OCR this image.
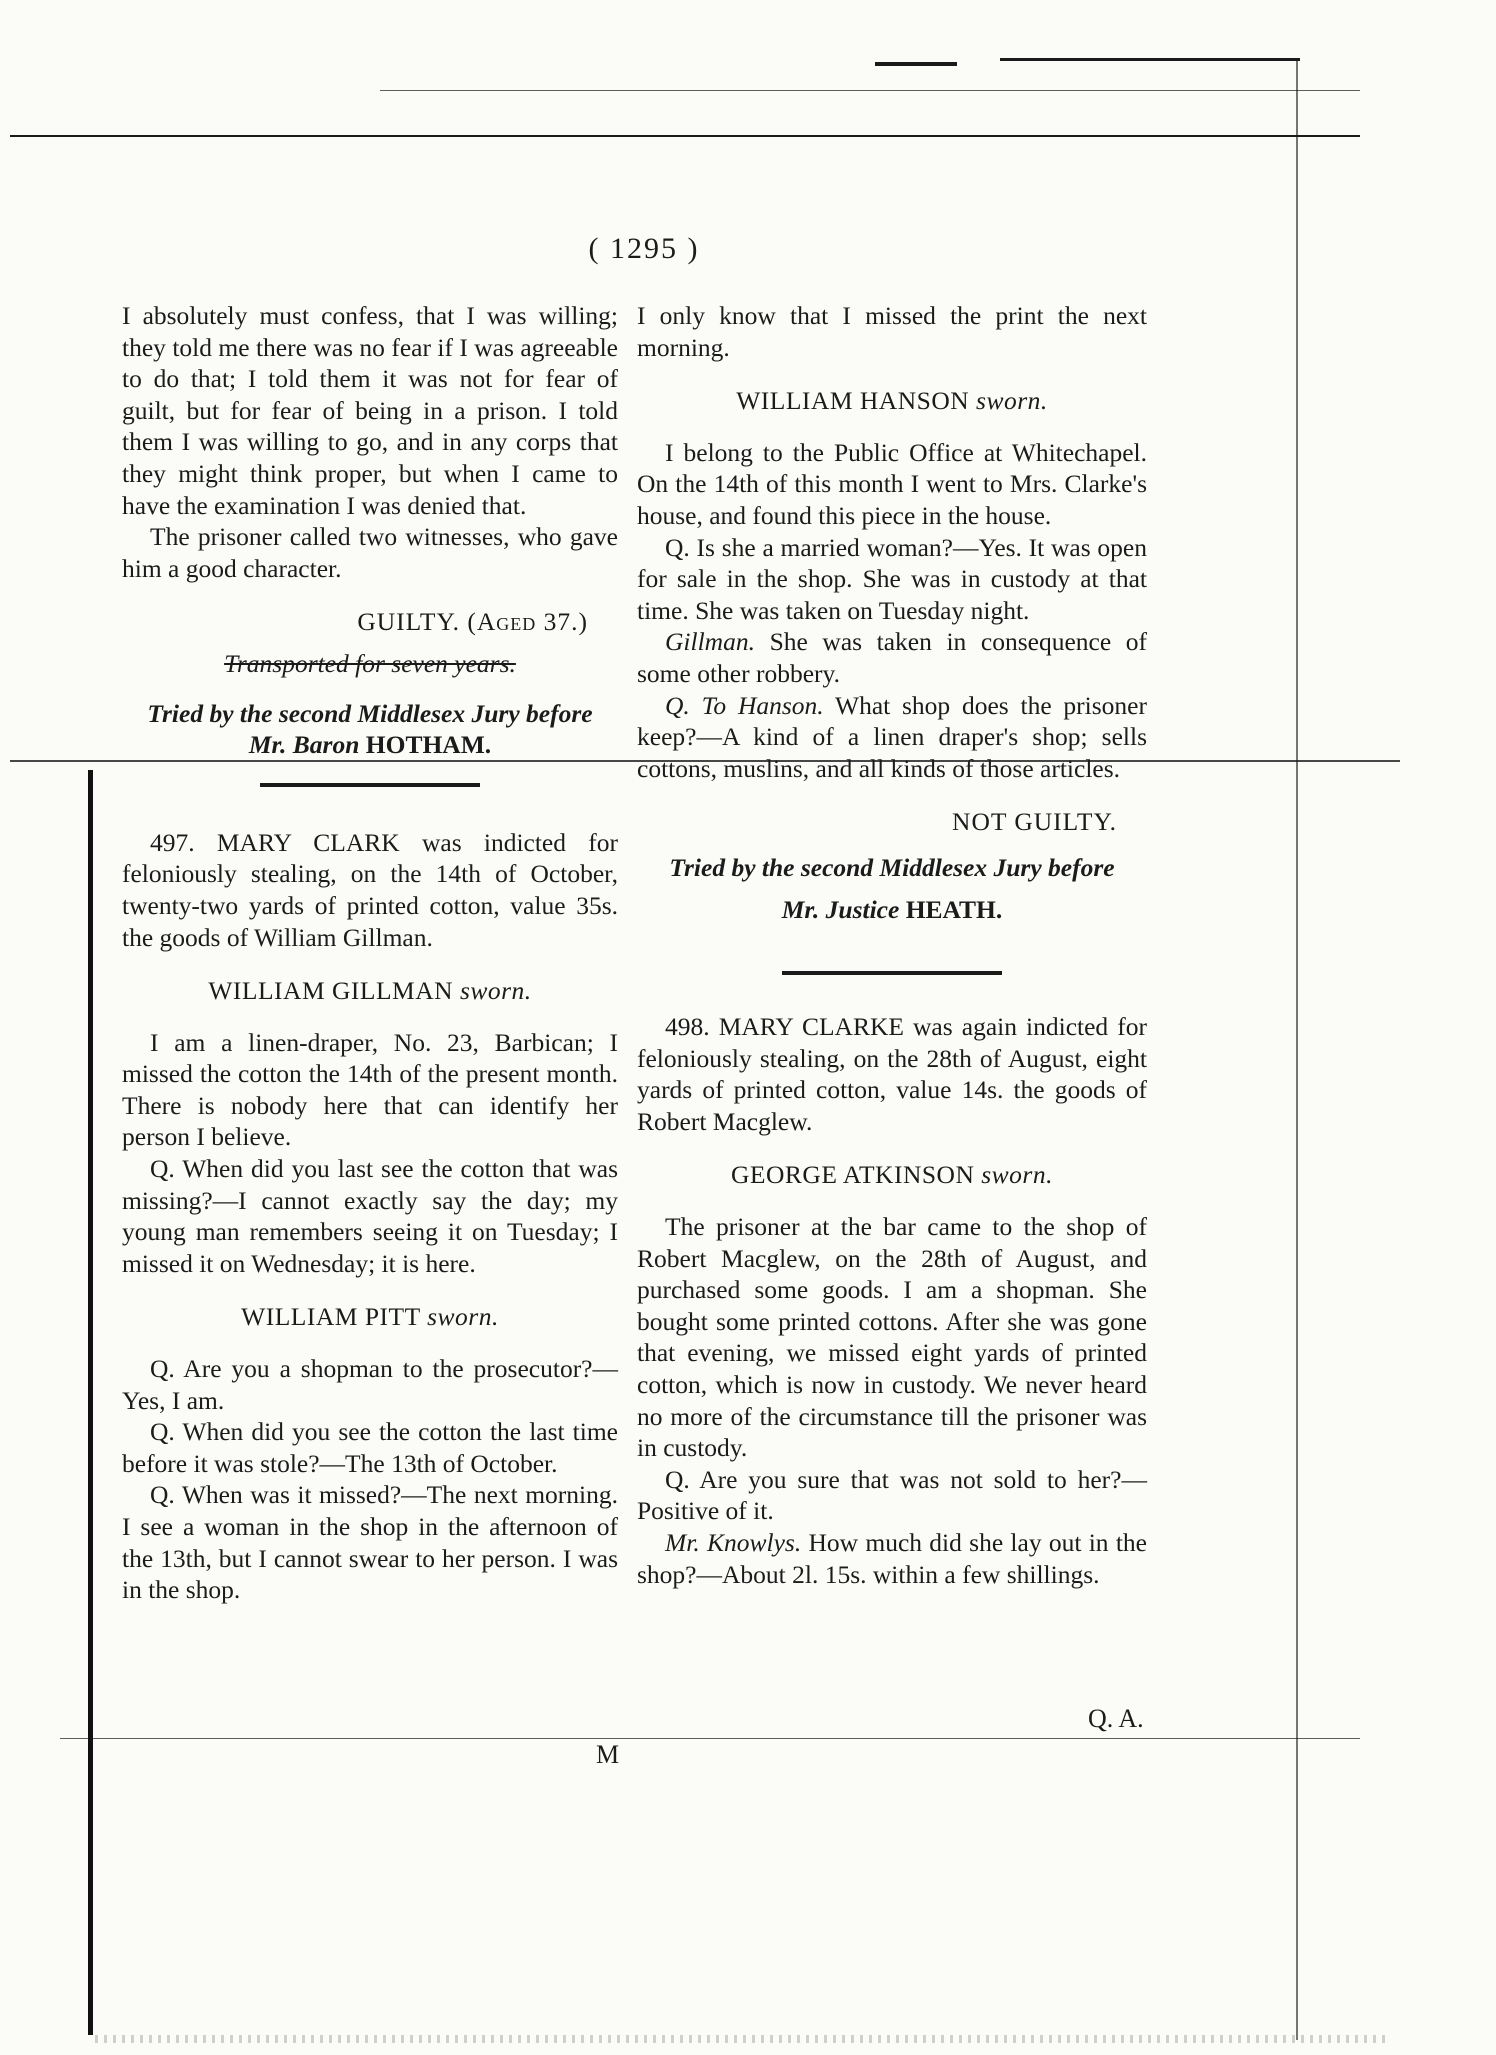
( 1295 )

I absolutely must confess, that I was willing; they told me there was no fear if I was agreeable to do that; I told them it was not for fear of guilt, but for fear of being in a prison. I told them I was willing to go, and in any corps that they might think proper, but when I came to have the examination I was denied that.

The prisoner called two witnesses, who gave him a good character.

GUILTY. (Aged 37.)
Transported for seven years.

Tried by the second Middlesex Jury before

Mr. Baron HOTHAM.

497. MARY CLARK was indicted for feloniously stealing, on the 14th of October, twenty-two yards of printed cotton, value 35s. the goods of William Gillman.

WILLIAM GILLMAN sworn.

I am a linen-draper, No. 23, Barbican; I missed the cotton the 14th of the present month. There is nobody here that can identify her person I believe.

Q. When did you last see the cotton that was missing?—I cannot exactly say the day; my young man remembers seeing it on Tuesday; I missed it on Wednesday; it is here.

WILLIAM PITT sworn.

Q. Are you a shopman to the prosecutor?—Yes, I am.

Q. When did you see the cotton the last time before it was stole?—The 13th of October.

Q. When was it missed?—The next morning. I see a woman in the shop in the afternoon of the 13th, but I cannot swear to her person. I was in the shop.

M

I only know that I missed the print the next morning.

WILLIAM HANSON sworn.

I belong to the Public Office at Whitechapel. On the 14th of this month I went to Mrs. Clarke's house, and found this piece in the house.

Q. Is she a married woman?—Yes. It was open for sale in the shop. She was in custody at that time. She was taken on Tuesday night.

Gillman. She was taken in consequence of some other robbery.

Q. To Hanson. What shop does the prisoner keep?—A kind of a linen draper's shop; sells cottons, muslins, and all kinds of those articles.

NOT GUILTY.

Tried by the second Middlesex Jury before

Mr. Justice HEATH.

498. MARY CLARKE was again indicted for feloniously stealing, on the 28th of August, eight yards of printed cotton, value 14s. the goods of Robert Macglew.

GEORGE ATKINSON sworn.

The prisoner at the bar came to the shop of Robert Macglew, on the 28th of August, and purchased some goods. I am a shopman. She bought some printed cottons. After she was gone that evening, we missed eight yards of printed cotton, which is now in custody. We never heard no more of the circumstance till the prisoner was in custody.

Q. Are you sure that was not sold to her?—Positive of it.

Mr. Knowlys. How much did she lay out in the shop?—About 2l. 15s. within a few shillings.

Q. A.
